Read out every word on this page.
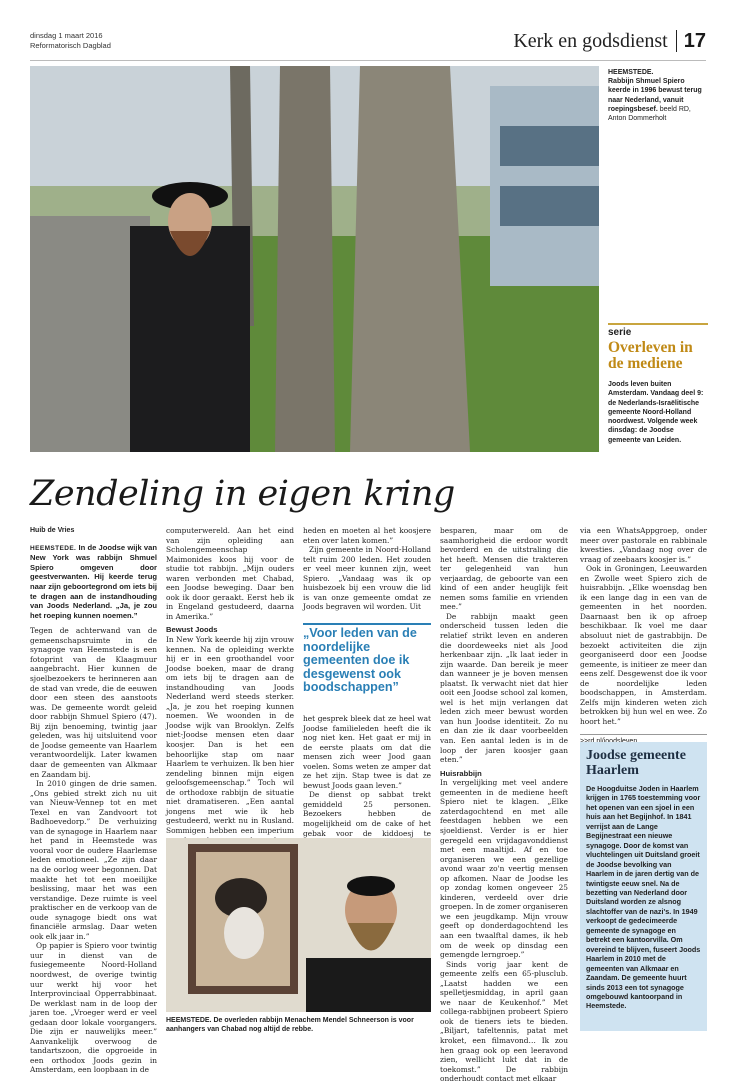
dinsdag 1 maart 2016
Reformatorisch Dagblad	Kerk en godsdienst 17
HEEMSTEDE.
Rabbijn Shmuel Spiero keerde in 1996 bewust terug naar Nederland, vanuit roepingsbesef. beeld RD, Anton Dommerholt
serie
Overleven in de mediene
Joods leven buiten Amsterdam. Vandaag deel 9: de Nederlands-Israëlitische gemeente Noord-Holland noordwest. Volgende week dinsdag: de Joodse gemeente van Leiden.
Zendeling in eigen kring
Huib de Vries
HEEMSTEDE. In de Joodse wijk van New York was rabbijn Shmuel Spiero omgeven door geestverwanten. Hij keerde terug naar zijn geboortegrond om iets bij te dragen aan de instandhouding van Joods Nederland. „Ja, je zou het roeping kunnen noemen.”

Tegen de achterwand van de gemeenschapsruimte in de synagoge van Heemstede is een fotoprint van de Klaagmuur aangebracht. Hier kunnen de sjoelbezoekers te herinneren aan de stad van vrede, die de eeuwen door een steen des aanstoots was. De gemeente wordt geleid door rabbijn Shmuel Spiero (47). Bij zijn benoeming, twintig jaar geleden, was hij uitsluitend voor de Joodse gemeente van Haarlem verantwoordelijk. Later kwamen daar de gemeenten van Alkmaar en Zaandam bij.

In 2010 gingen de drie samen. „Ons gebied strekt zich nu uit van Nieuw-Vennep tot en met Texel en van Zandvoort tot Badhoevedorp.” De verhuizing van de synagoge in Haarlem naar het pand in Heemstede was vooral voor de oudere Haarlemse leden emotioneel. „Ze zijn daar na de oorlog weer begonnen. Dat maakte het tot een moeilijke beslissing, maar het was een verstandige. Deze ruimte is veel praktischer en de verkoop van de oude synagoge biedt ons wat financiële armslag. Daar weten ook elk jaar in.”

Op papier is Spiero voor twintig uur in dienst van de fusiegemeente Noord-Holland noordwest, de overige twintig uur werkt hij voor het Interprovinciaal Opperrabbinaat. De werklast nam in de loop der jaren toe. „Vroeger werd er veel gedaan door lokale voorgangers. Die zijn er nauwelijks meer.” Aanvankelijk overwoog de tandartszoon, die opgroeide in een orthodox Joods gezin in Amsterdam, een loopbaan in de

computerwereld. Aan het eind van zijn opleiding aan Scholengemeenschap Maimonides koos hij voor de studie tot rabbijn. „Mijn ouders waren verbonden met Chabad, een Joodse beweging. Daar ben ook ik door geraakt. Eerst heb ik in Engeland gestudeerd, daarna in Amerika.”

Bewust Joods

In New York keerde hij zijn vrouw kennen. Na de opleiding werkte hij er in een groothandel voor Joodse boeken, maar de drang om iets bij te dragen aan de instandhouding van Joods Nederland werd steeds sterker. „Ja, je zou het roeping kunnen noemen. We woonden in de Joodse wijk van Brooklyn. Zelfs niet-Joodse mensen eten daar koosjer. Dan is het een behoorlijke stap om naar Haarlem te verhuizen. Ik ben hier zendeling binnen mijn eigen geloofsgemeenschap.” Toch wil de orthodoxe rabbijn de situatie niet dramatiseren. „Een aantal jongens met wie ik heb gestudeerd, werkt nu in Rusland. Sommigen hebben een imperium

heden en moeten al het koosjere eten over laten komen.”

Zijn gemeente in Noord-Holland telt ruim 200 leden. Het zouden er veel meer kunnen zijn, weet Spiero. „Vandaag was ik op huisbezoek bij een vrouw die lid is van onze gemeente omdat ze Joods begraven wil worden. Uit

„Voor leden van de noordelijke gemeenten doe ik desgewenst ook boodschappen”

het gesprek bleek dat ze heel wat Joodse familieleden heeft die ik nog niet ken. Het gaat er mij in de eerste plaats om dat die mensen zich weer Jood gaan voelen. Soms weten ze amper dat ze het zijn. Stap twee is dat ze bewust Joods gaan leven.”

De dienst op sabbat trekt gemiddeld 25 personen. Bezoekers hebben de mogelijkheid om de cake of het gebak voor de kiddoesj te

HEEMSTEDE. De overleden rabbijn Menachem Mendel Schneerson is voor aanhangers van Chabad nog altijd de rebbe.

besparen, maar om de saamhorigheid die erdoor wordt bevorderd en de uitstraling die het heeft. Mensen die trakteren ter gelegenheid van hun verjaardag, de geboorte van een kind of een ander heuglijk feit nemen soms familie en vrienden mee.”

De rabbijn maakt geen onderscheid tussen leden die relatief strikt leven en anderen die doordeweeks niet als Jood herkenbaar zijn. „Ik laat ieder in zijn waarde. Dan bereik je meer dan wanneer je je boven mensen plaatst. Ik verwacht niet dat hier ooit een Joodse school zal komen, wel is het mijn verlangen dat leden zich meer bewust worden van hun Joodse identiteit. Zo nu en dan zie ik daar voorbeelden van. Een aantal leden is in de loop der jaren koosjer gaan eten.”

Huisrabbijn

In vergelijking met veel andere gemeenten in de mediene heeft Spiero niet te klagen. „Elke zaterdagochtend en met alle feestdagen hebben we een sjoeldienst. Verder is er hier geregeld een vrijdagavonddienst met een maaltijd. Af en toe organiseren we een gezellige avond waar zo'n veertig mensen op afkomen. Naar de Joodse les op zondag komen ongeveer 25 kinderen, verdeeld over drie groepen. In de zomer organiseren we een jeugdkamp. Mijn vrouw geeft op donderdagochtend les aan een twaalftal dames, ik heb om de week op dinsdag een gemengde lerngroep.”

Sinds vorig jaar kent de gemeente zelfs een 65-plusclub. „Laatst hadden we een spelletjesmiddag, in april gaan we naar de Keukenhof.” Met collega-rabbijnen probeert Spiero ook de tieners iets te bieden. „Biljart, tafeltennis, patat met kroket, een filmavond… Ik zou hen graag ook op een leeravond zien, wellicht lukt dat in de toekomst.” De rabbijn onderhoudt contact met elkaar

via een WhatsAppgroep, onder meer over pastorale en rabbinale kwesties. „Vandaag nog over de vraag of zeebaars koosjer is.”

Ook in Groningen, Leeuwarden en Zwolle weet Spiero zich de huisrabbijn. „Elke woensdag ben ik een lange dag in een van de gemeenten in het noorden. Daarnaast ben ik op afroep beschikbaar. Ik voel me daar absoluut niet de gastrabbijn. De bezoekt activiteiten die zijn georganiseerd door een Joodse gemeente, is initieer ze meer dan eens zelf. Desgewenst doe ik voor de noordelijke leden boodschappen, in Amsterdam. Zelfs mijn kinderen weten zich betrokken bij hun wel en wee. Zo hoort het.”

Joodse gemeente Haarlem
De Hoogduitse Joden in Haarlem krijgen in 1765 toestemming voor het openen van een sjoel in een huis aan het Begijnhof. In 1841 verrijst aan de Lange Begijnestraat een nieuwe synagoge. Door de komst van vluchtelingen uit Duitsland groeit de Joodse bevolking van Haarlem in de jaren dertig van de twintigste eeuw snel. Na de bezetting van Nederland door Duitsland worden ze alsnog slachtoffer van de nazi's. In 1949 verkoopt de gedecimeerde gemeente de synagoge en betrekt een kantoorvilla. Om overeind te blijven, fuseert Joods Haarlem in 2010 met de gemeenten van Alkmaar en Zaandam. De gemeente huurt sinds 2013 een tot synagoge omgebouwd kantoorpand in Heemstede.
